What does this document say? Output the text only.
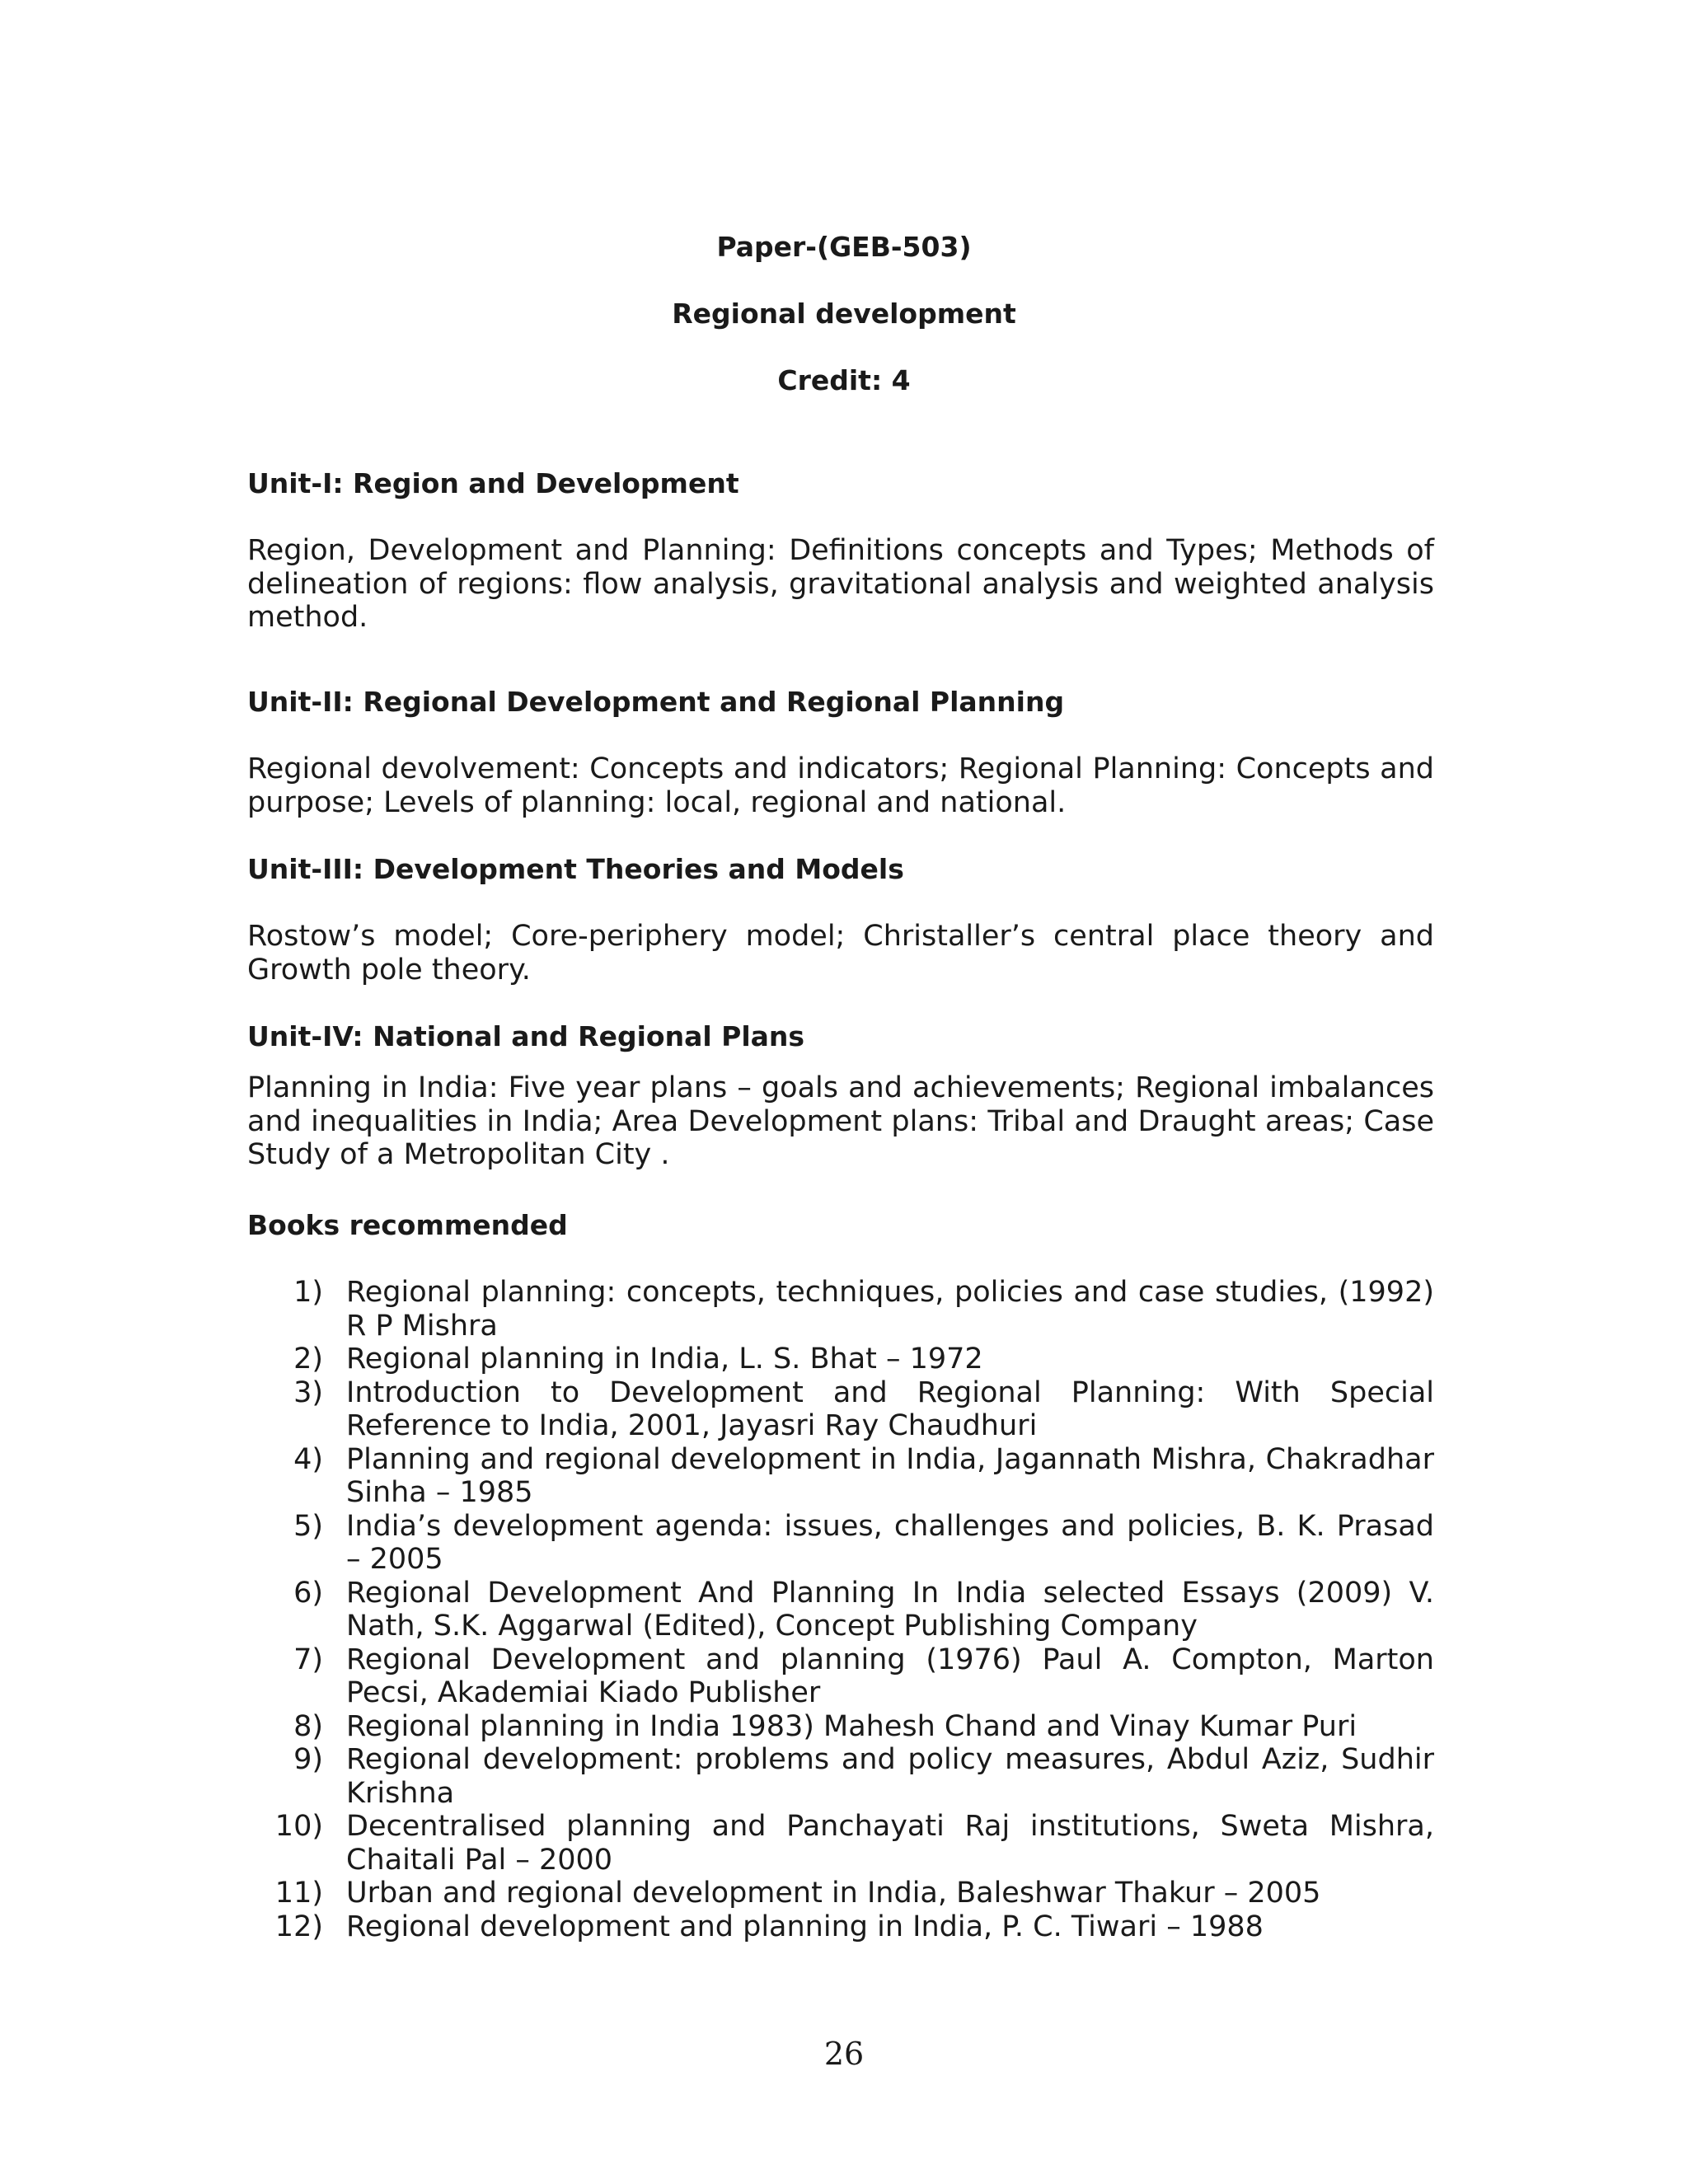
Paper-(GEB-503)
Regional development
Credit: 4
Unit-I: Region and Development

Region, Development and Planning: Definitions concepts and Types; Methods of delineation of regions: flow analysis, gravitational analysis and weighted analysis method.

Unit-II: Regional Development and Regional Planning

Regional devolvement: Concepts and indicators; Regional Planning: Concepts and purpose; Levels of planning: local, regional and national.

Unit-III: Development Theories and Models

Rostow’s model; Core-periphery model; Christaller’s central place theory and Growth pole theory.

Unit-IV: National and Regional Plans

Planning in India: Five year plans – goals and achievements; Regional imbalances and inequalities in India; Area Development plans: Tribal and Draught areas; Case Study of a Metropolitan City .

Books recommended
1) Regional planning: concepts, techniques, policies and case studies, (1992) R P Mishra
2) Regional planning in India, L. S. Bhat – 1972
3) Introduction to Development and Regional Planning: With Special Reference to India, 2001, Jayasri Ray Chaudhuri
4) Planning and regional development in India, Jagannath Mishra, Chakradhar Sinha – 1985
5) India’s development agenda: issues, challenges and policies, B. K. Prasad – 2005
6) Regional Development And Planning In India selected Essays (2009) V. Nath, S.K. Aggarwal (Edited), Concept Publishing Company
7) Regional Development and planning (1976) Paul A. Compton, Marton Pecsi, Akademiai Kiado Publisher
8) Regional planning in India 1983) Mahesh Chand and Vinay Kumar Puri
9) Regional development: problems and policy measures, Abdul Aziz, Sudhir Krishna
10) Decentralised planning and Panchayati Raj institutions, Sweta Mishra, Chaitali Pal – 2000
11) Urban and regional development in India, Baleshwar Thakur – 2005
12) Regional development and planning in India, P. C. Tiwari – 1988
26
